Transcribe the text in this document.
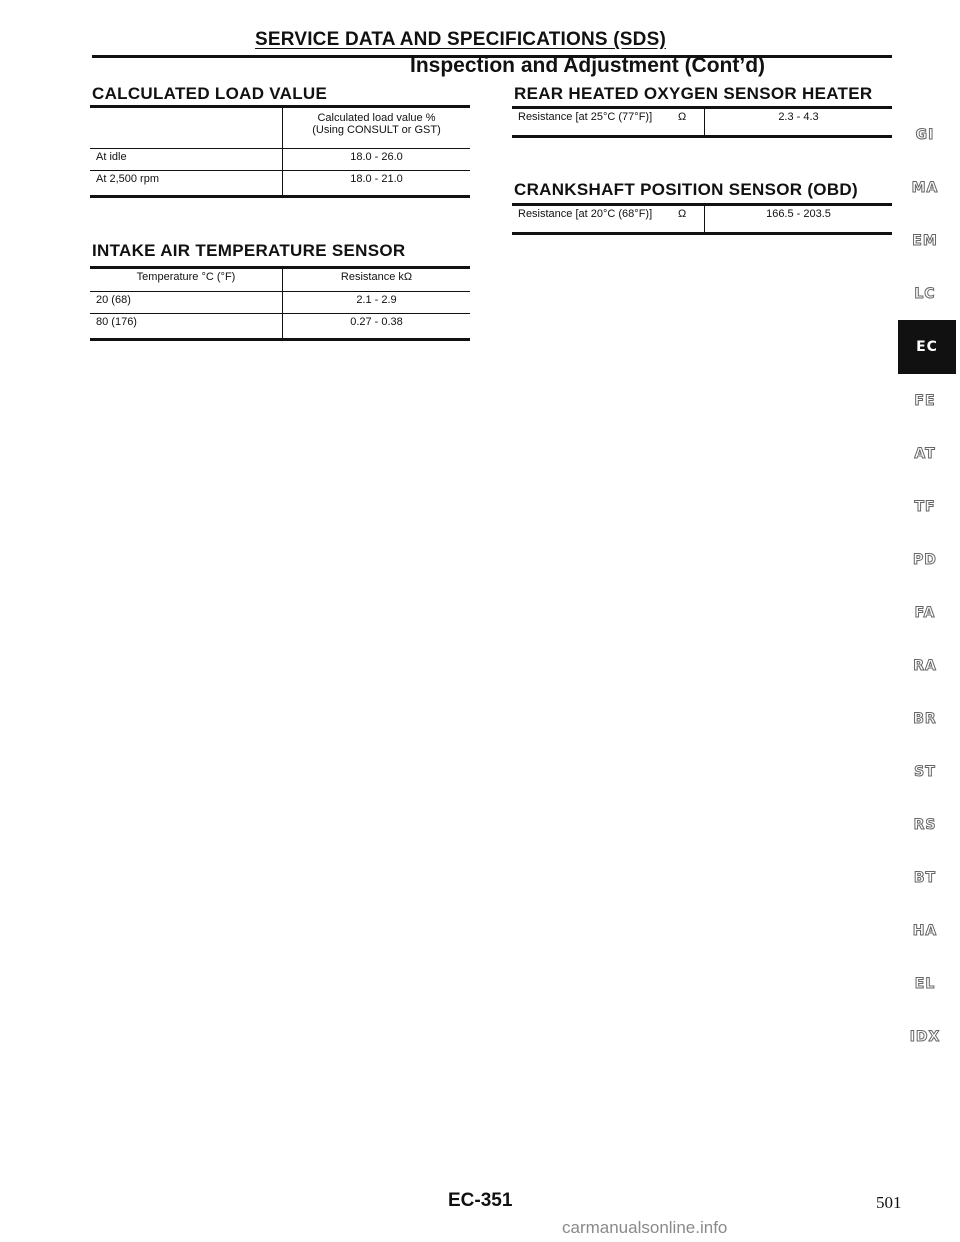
SERVICE DATA AND SPECIFICATIONS (SDS)
Inspection and Adjustment (Cont’d)
CALCULATED LOAD VALUE
	Calculated load value %
(Using CONSULT or GST)
At idle	18.0 - 26.0
At 2,500 rpm	18.0 - 21.0
INTAKE AIR TEMPERATURE SENSOR
Temperature °C (°F)	Resistance kΩ
20 (68)	2.1 - 2.9
80 (176)	0.27 - 0.38
REAR HEATED OXYGEN SENSOR HEATER
Resistance [at 25°C (77°F)]	Ω	2.3 - 4.3
CRANKSHAFT POSITION SENSOR (OBD)
Resistance [at 20°C (68°F)]	Ω	166.5 - 203.5
GI
MA
EM
LC
EC
FE
AT
TF
PD
FA
RA
BR
ST
RS
BT
HA
EL
IDX
EC-351	501
carmanualsonline.info
